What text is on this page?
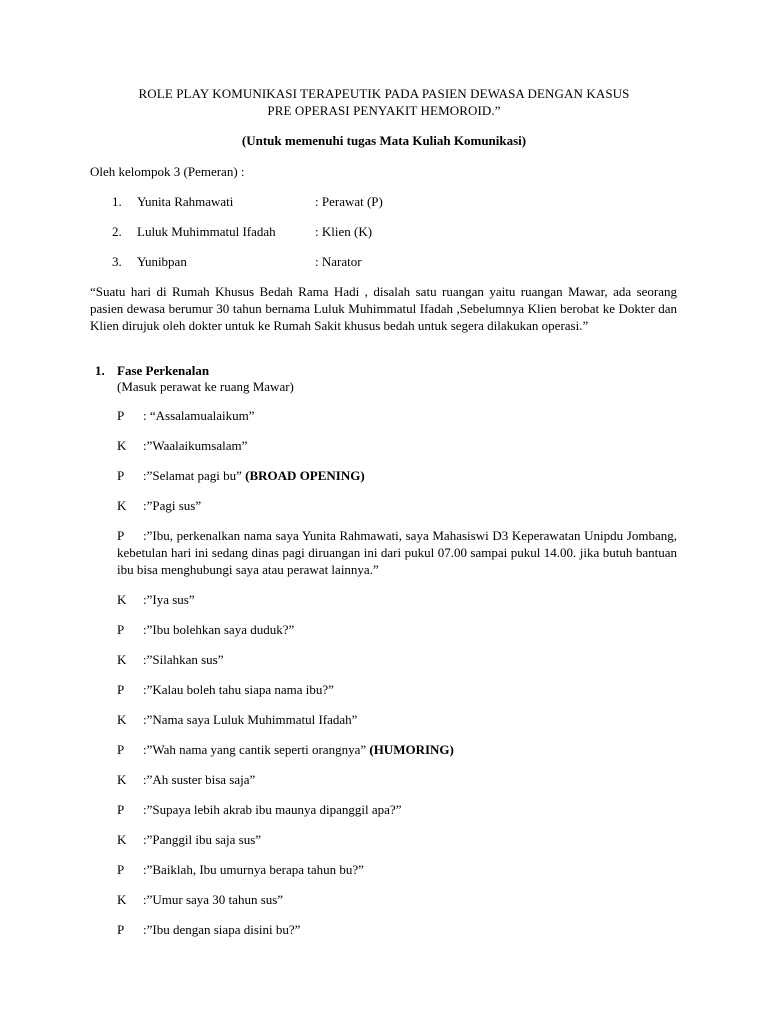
ROLE PLAY KOMUNIKASI TERAPEUTIK PADA PASIEN DEWASA DENGAN KASUS
PRE OPERASI PENYAKIT HEMOROID.”
(Untuk memenuhi tugas Mata Kuliah Komunikasi)
Oleh kelompok 3 (Pemeran) :
1. Yunita Rahmawati	: Perawat (P)
2. Luluk Muhimmatul Ifadah	: Klien (K)
3. Yunibpan	: Narator
“Suatu hari di Rumah Khusus Bedah Rama Hadi , disalah satu ruangan yaitu ruangan Mawar, ada seorang pasien dewasa berumur 30 tahun bernama Luluk Muhimmatul Ifadah ,Sebelumnya Klien berobat ke Dokter dan Klien dirujuk oleh dokter untuk ke Rumah Sakit khusus bedah untuk segera dilakukan operasi.”
1. Fase Perkenalan
(Masuk perawat ke ruang Mawar)
P : “Assalamualaikum”
K :”Waalaikumsalam”
P :”Selamat pagi bu” (BROAD OPENING)
K :”Pagi sus”
P :”Ibu, perkenalkan nama saya Yunita Rahmawati, saya Mahasiswi D3 Keperawatan Unipdu Jombang, kebetulan hari ini sedang dinas pagi diruangan ini dari pukul 07.00 sampai pukul 14.00. jika butuh bantuan ibu bisa menghubungi saya atau perawat lainnya.”
K :”Iya sus”
P :”Ibu bolehkan saya duduk?”
K :”Silahkan sus”
P :”Kalau boleh tahu siapa nama ibu?”
K :”Nama saya Luluk Muhimmatul Ifadah”
P :”Wah nama yang cantik seperti orangnya” (HUMORING)
K :”Ah suster bisa saja”
P :”Supaya lebih akrab ibu maunya dipanggil apa?”
K :”Panggil ibu saja sus”
P :”Baiklah, Ibu umurnya berapa tahun bu?”
K :”Umur saya 30 tahun sus”
P :”Ibu dengan siapa disini bu?”
